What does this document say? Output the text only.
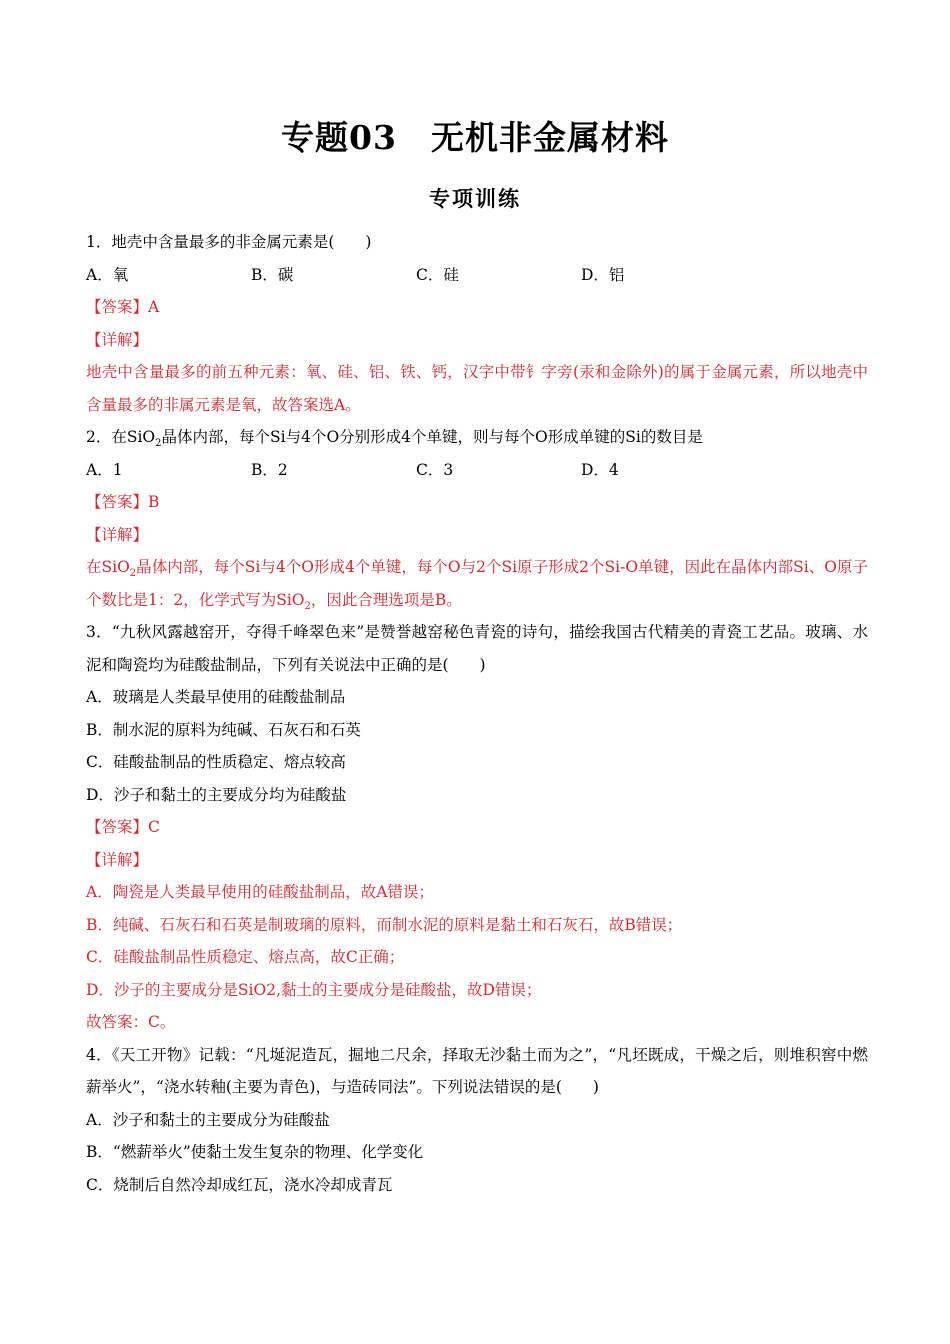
专题03　无机非金属材料
专项训练
1．地壳中含量最多的非金属元素是(　　)
A．氧	B．碳	C．硅	D．铝
【答案】A
【详解】
地壳中含量最多的前五种元素：氧、硅、铝、铁、钙，汉字中带钅字旁(汞和金除外)的属于金属元素，所以地壳中含量最多的非属元素是氧，故答案选A。
2．在SiO$_2$晶体内部，每个Si与4个O分别形成4个单键，则与每个O形成单键的Si的数目是
A．1	B．2	C．3	D．4
【答案】B
【详解】
在SiO$_2$晶体内部，每个Si与4个O形成4个单键，每个O与2个Si原子形成2个Si-O单键，因此在晶体内部Si、O原子个数比是1：2，化学式写为SiO$_2$，因此合理选项是B。
3．“九秋风露越窑开，夺得千峰翠色来”是赞誉越窑秘色青瓷的诗句，描绘我国古代精美的青瓷工艺品。玻璃、水泥和陶瓷均为硅酸盐制品，下列有关说法中正确的是(　　)
A．玻璃是人类最早使用的硅酸盐制品
B．制水泥的原料为纯碱、石灰石和石英
C．硅酸盐制品的性质稳定、熔点较高
D．沙子和黏土的主要成分均为硅酸盐
【答案】C
【详解】
A．陶瓷是人类最早使用的硅酸盐制品，故A错误；
B．纯碱、石灰石和石英是制玻璃的原料，而制水泥的原料是黏土和石灰石，故B错误；
C．硅酸盐制品性质稳定、熔点高，故C正确；
D．沙子的主要成分是SiO2,黏土的主要成分是硅酸盐，故D错误；
故答案：C。
4．《天工开物》记载：“凡埏泥造瓦，掘地二尺余，择取无沙黏土而为之”，“凡坯既成，干燥之后，则堆积窖中燃薪举火”，“浇水转釉(主要为青色)，与造砖同法”。下列说法错误的是(　　)
A．沙子和黏土的主要成分为硅酸盐
B．“燃薪举火”使黏土发生复杂的物理、化学变化
C．烧制后自然冷却成红瓦，浇水冷却成青瓦
